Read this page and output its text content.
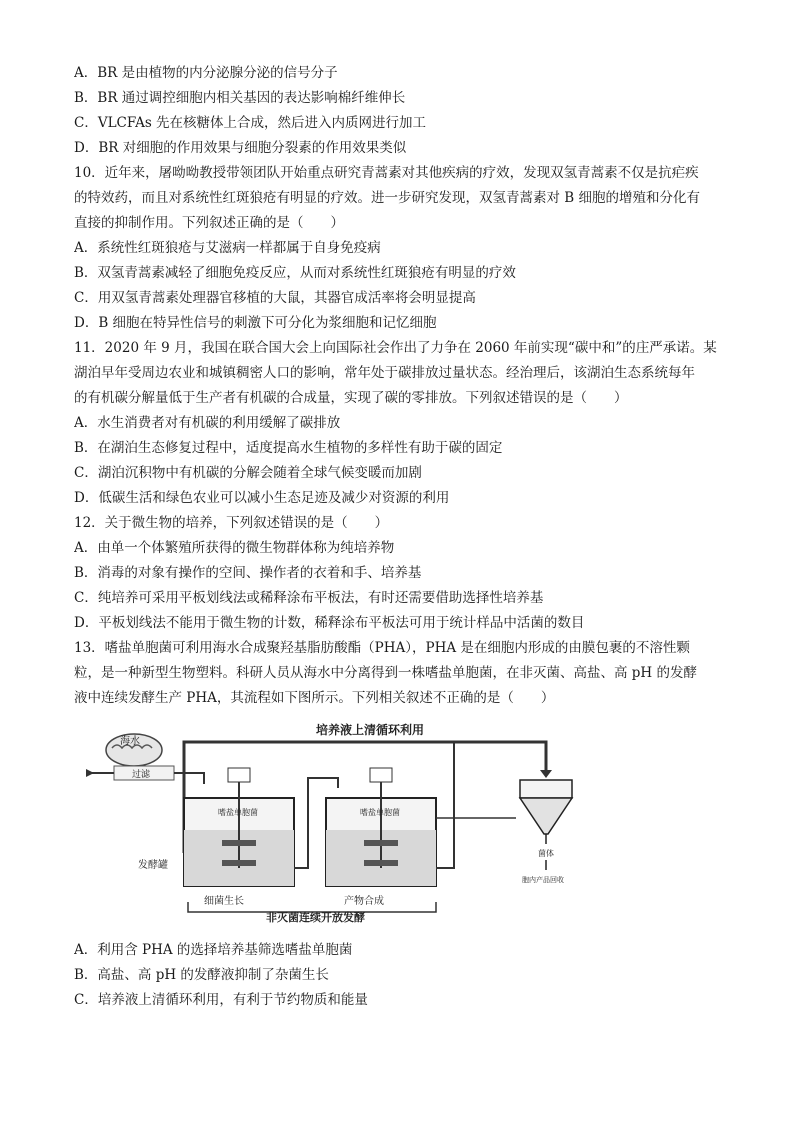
A．BR 是由植物的内分泌腺分泌的信号分子
B．BR 通过调控细胞内相关基因的表达影响棉纤维伸长
C．VLCFAs 先在核糖体上合成，然后进入内质网进行加工
D．BR 对细胞的作用效果与细胞分裂素的作用效果类似
10．近年来，屠呦呦教授带领团队开始重点研究青蒿素对其他疾病的疗效，发现双氢青蒿素不仅是抗疟疾
的特效药，而且对系统性红斑狼疮有明显的疗效。进一步研究发现，双氢青蒿素对 B 细胞的增殖和分化有
直接的抑制作用。下列叙述正确的是（　　）
A．系统性红斑狼疮与艾滋病一样都属于自身免疫病
B．双氢青蒿素减轻了细胞免疫反应，从而对系统性红斑狼疮有明显的疗效
C．用双氢青蒿素处理器官移植的大鼠，其器官成活率将会明显提高
D．B 细胞在特异性信号的刺激下可分化为浆细胞和记忆细胞
11．2020 年 9 月，我国在联合国大会上向国际社会作出了力争在 2060 年前实现“碳中和”的庄严承诺。某
湖泊早年受周边农业和城镇稠密人口的影响，常年处于碳排放过量状态。经治理后，该湖泊生态系统每年
的有机碳分解量低于生产者有机碳的合成量，实现了碳的零排放。下列叙述错误的是（　　）
A．水生消费者对有机碳的利用缓解了碳排放
B．在湖泊生态修复过程中，适度提高水生植物的多样性有助于碳的固定
C．湖泊沉积物中有机碳的分解会随着全球气候变暖而加剧
D．低碳生活和绿色农业可以减小生态足迹及减少对资源的利用
12．关于微生物的培养，下列叙述错误的是（　　）
A．由单一个体繁殖所获得的微生物群体称为纯培养物
B．消毒的对象有操作的空间、操作者的衣着和手、培养基
C．纯培养可采用平板划线法或稀释涂布平板法，有时还需要借助选择性培养基
D．平板划线法不能用于微生物的计数，稀释涂布平板法可用于统计样品中活菌的数目
13．嗜盐单胞菌可利用海水合成聚羟基脂肪酸酯（PHA），PHA 是在细胞内形成的由膜包裹的不溶性颗
粒，是一种新型生物塑料。科研人员从海水中分离得到一株嗜盐单胞菌，在非灭菌、高盐、高 pH 的发酵
液中连续发酵生产 PHA，其流程如下图所示。下列相关叙述不正确的是（　　）
培养液上清循环利用
海水
过滤
嗜盐单胞菌
发酵罐
细菌生长
嗜盐单胞菌
产物合成
菌体
胞内产品回收
非灭菌连续开放发酵
A．利用含 PHA 的选择培养基筛选嗜盐单胞菌
B．高盐、高 pH 的发酵液抑制了杂菌生长
C．培养液上清循环利用，有利于节约物质和能量
